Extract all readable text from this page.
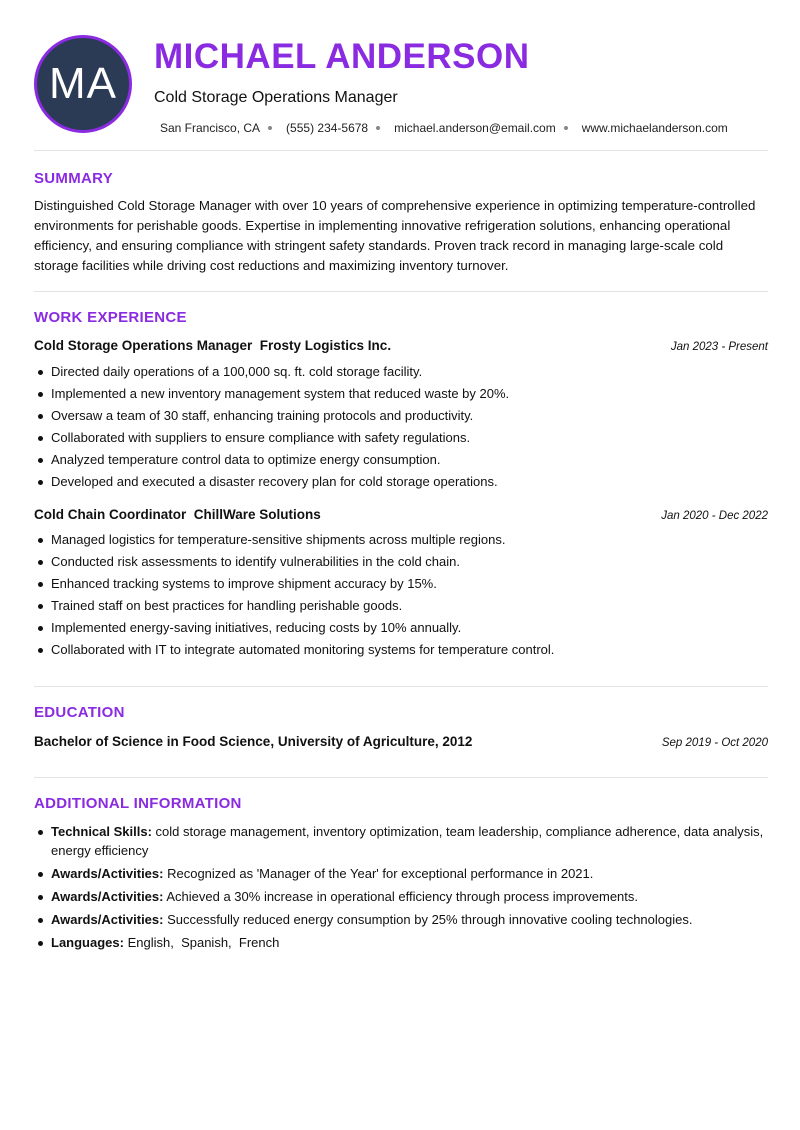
MA
MICHAEL ANDERSON
Cold Storage Operations Manager
San Francisco, CA (555) 234-5678 michael.anderson@email.com www.michaelanderson.com
SUMMARY
Distinguished Cold Storage Manager with over 10 years of comprehensive experience in optimizing temperature-controlled environments for perishable goods. Expertise in implementing innovative refrigeration solutions, enhancing operational efficiency, and ensuring compliance with stringent safety standards. Proven track record in managing large-scale cold storage facilities while driving cost reductions and maximizing inventory turnover.
WORK EXPERIENCE
Cold Storage Operations Manager  Frosty Logistics Inc.	Jan 2023 - Present
Directed daily operations of a 100,000 sq. ft. cold storage facility.
Implemented a new inventory management system that reduced waste by 20%.
Oversaw a team of 30 staff, enhancing training protocols and productivity.
Collaborated with suppliers to ensure compliance with safety regulations.
Analyzed temperature control data to optimize energy consumption.
Developed and executed a disaster recovery plan for cold storage operations.
Cold Chain Coordinator  ChillWare Solutions	Jan 2020 - Dec 2022
Managed logistics for temperature-sensitive shipments across multiple regions.
Conducted risk assessments to identify vulnerabilities in the cold chain.
Enhanced tracking systems to improve shipment accuracy by 15%.
Trained staff on best practices for handling perishable goods.
Implemented energy-saving initiatives, reducing costs by 10% annually.
Collaborated with IT to integrate automated monitoring systems for temperature control.
EDUCATION
Bachelor of Science in Food Science, University of Agriculture, 2012	Sep 2019 - Oct 2020
ADDITIONAL INFORMATION
Technical Skills: cold storage management, inventory optimization, team leadership, compliance adherence, data analysis, energy efficiency
Awards/Activities: Recognized as 'Manager of the Year' for exceptional performance in 2021.
Awards/Activities: Achieved a 30% increase in operational efficiency through process improvements.
Awards/Activities: Successfully reduced energy consumption by 25% through innovative cooling technologies.
Languages: English,  Spanish,  French
